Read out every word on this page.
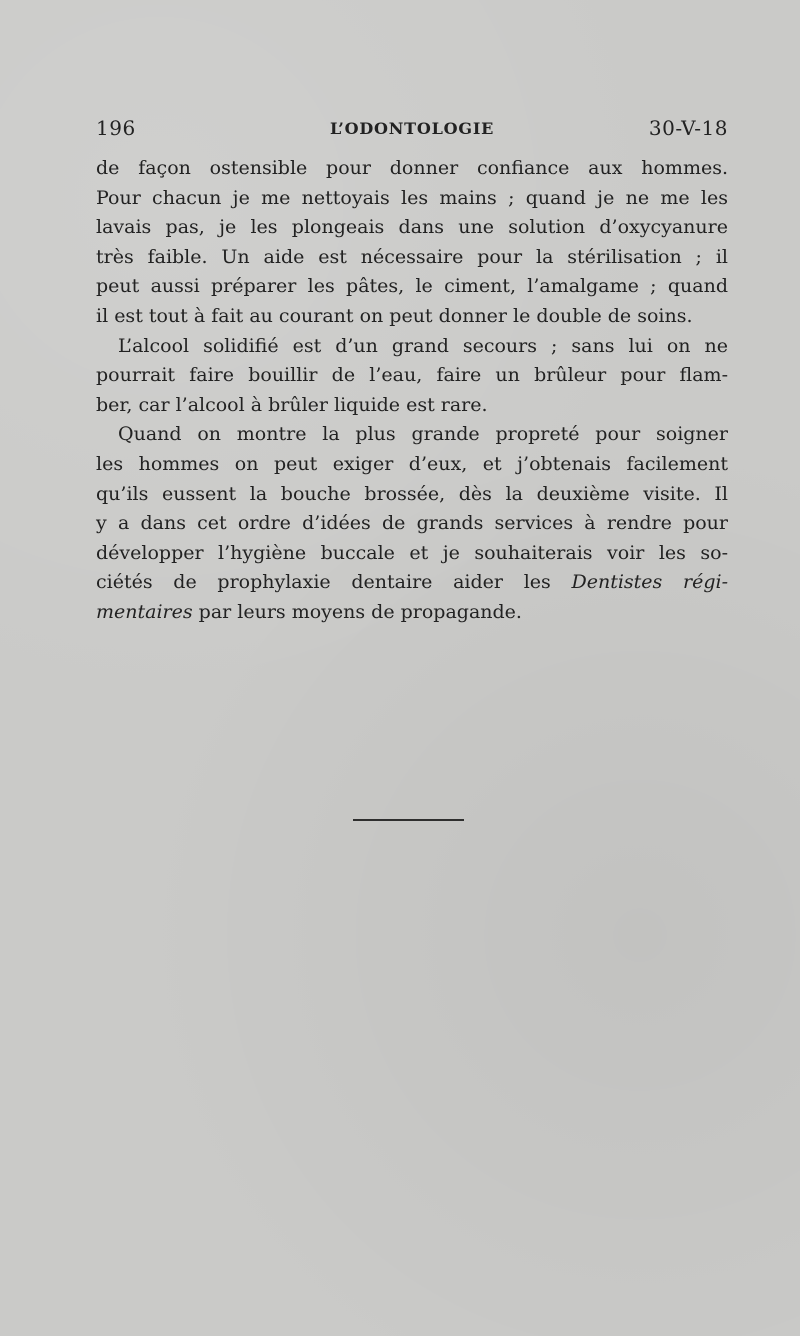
196	L’ODONTOLOGIE	30-V-18
de façon ostensible pour donner confiance aux hommes.
Pour chacun je me nettoyais les mains ; quand je ne me les
lavais pas, je les plongeais dans une solution d’oxycyanure
très faible. Un aide est nécessaire pour la stérilisation ; il
peut aussi préparer les pâtes, le ciment, l’amalgame ; quand
il est tout à fait au courant on peut donner le double de soins.
L’alcool solidifié est d’un grand secours ; sans lui on ne
pourrait faire bouillir de l’eau, faire un brûleur pour flam-
ber, car l’alcool à brûler liquide est rare.
Quand on montre la plus grande propreté pour soigner
les hommes on peut exiger d’eux, et j’obtenais facilement
qu’ils eussent la bouche brossée, dès la deuxième visite. Il
y a dans cet ordre d’idées de grands services à rendre pour
développer l’hygiène buccale et je souhaiterais voir les so-
ciétés de prophylaxie dentaire aider les Dentistes régi-
mentaires par leurs moyens de propagande.
